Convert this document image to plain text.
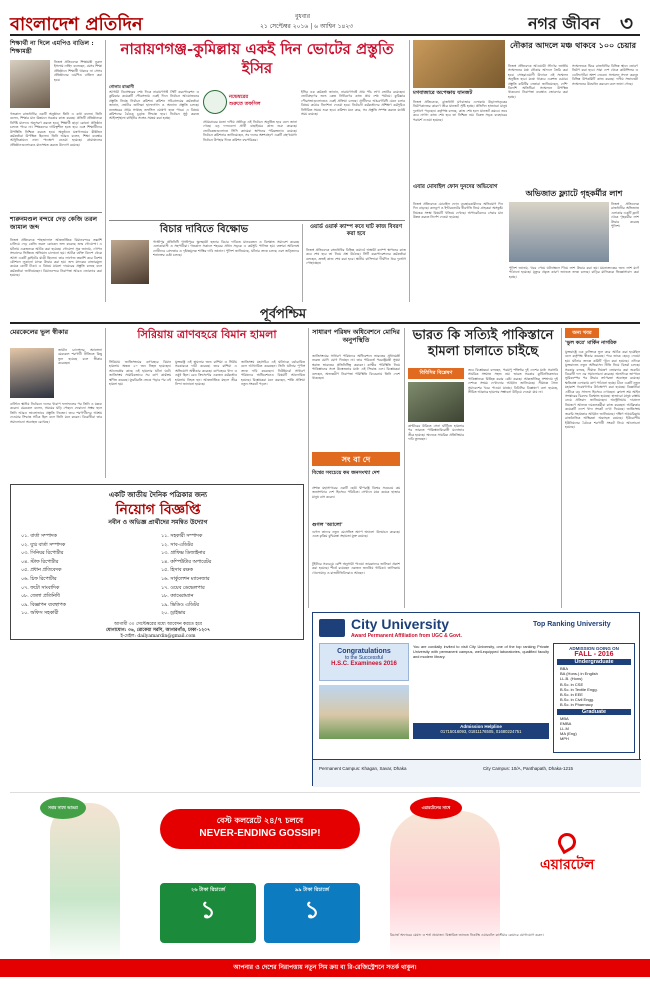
বাংলাদেশ প্রতিদিন	বুধবার
২১ সেপ্টেম্বর ২০১৬ | ৬ আশ্বিন ১৪২৩	নগর জীবন ৩
শিক্ষার্থী না দিলে এমপিও বাতিল : শিক্ষামন্ত্রী
নিজস্ব প্রতিবেদক শিক্ষামন্ত্রী নুরুল ইসলাম নাহিদ বলেছেন, যেসব শিক্ষা প্রতিষ্ঠানে শিক্ষার্থী থাকবে না সেসব প্রতিষ্ঠানের এমপিও বাতিল করা হবে।
গতকাল রাজধানীর একটি অনুষ্ঠানে তিনি এ কথা বলেন। তিনি বলেন, শিক্ষার মান উন্নয়নে সরকার কাজ করছে। প্রতিটি প্রতিষ্ঠানকে নির্দিষ্ট মানদণ্ড অনুসরণ করতে হবে। শিক্ষার্থী ছাড়া কোনো প্রতিষ্ঠান চলতে পারে না। শিক্ষকদের দায়িত্বশীল হতে হবে এবং শিক্ষার্থীদের উপস্থিতি নিশ্চিত করতে হবে। অনুষ্ঠানে মন্ত্রণালয়ের ঊর্ধ্বতন কর্মকর্তারা উপস্থিত ছিলেন। তিনি আরও বলেন, শিক্ষা ব্যবস্থার আধুনিকায়নে নানা পদক্ষেপ নেওয়া হয়েছে। গ্রামাঞ্চলের প্রতিষ্ঠানগুলোকেও মানসম্মত করতে উদ্যোগ রয়েছে।
শারুনমণ্ডল বন্দরে দেড় কেজি তরল জামাল জব্দ
নিজস্ব প্রতিবেদক শাহজালাল আন্তর্জাতিক বিমানবন্দরে তল্লাশি চালিয়ে দেড় কেজি তরল কোকেন জব্দ করেছে শুল্ক গোয়েন্দা। এ ঘটনায় একজনকে আটক করা হয়েছে। গোয়েন্দা সূত্র জানায়, গোপন সংবাদের ভিত্তিতে অভিযান চালানো হয়। আটক ব্যক্তি বিদেশ থেকে আসা একটি ফ্লাইটের যাত্রী ছিলেন। তার লাগেজ তল্লাশি করে বিশেষ কৌশলে লুকানো মাদক উদ্ধার করা হয়। জব্দ মাদকের বাজারমূল্য কয়েক কোটি টাকা। এ বিষয়ে মামলা দায়েরের প্রস্তুতি চলছে বলে কর্মকর্তারা জানিয়েছেন। বিমানবন্দরে নিরাপত্তা আরও জোরদার করা হয়েছে।
নারায়ণগঞ্জ-কুমিল্লায় একই দিন ভোটের প্রস্তুতি ইসির
গোলাম রাব্বানী
আগামী ডিসেম্বরের শেষ দিকে নারায়ণগঞ্জ সিটি করপোরেশন ও কুমিল্লার কয়েকটি পৌরসভায় একই দিনে নির্বাচন আয়োজনের প্রস্তুতি নিচ্ছে নির্বাচন কমিশন। কমিশন সচিবালয়ের কর্মকর্তারা জানান, ভোটার তালিকা হালনাগাদ ও অন্যান্য প্রস্তুতি চলছে। নভেম্বরের প্রথম সপ্তাহে তফসিল ঘোষণা হতে পারে। এ বিষয়ে কমিশনের বৈঠকে চূড়ান্ত সিদ্ধান্ত হবে। নির্বাচন সুষ্ঠু করতে আইনশৃঙ্খলা বাহিনীর সঙ্গেও সমন্বয় করা হচ্ছে।
নভেম্বরের শুরুতে তফসিল
প্রথমবারের মতো দলীয় প্রতীকে এই নির্বাচন অনুষ্ঠিত হবে বলে জানা গেছে। বড় দলগুলো প্রার্থী বাছাইয়ের কাজ শুরু করেছে। ভোটকেন্দ্রগুলোতে সিসি ক্যামেরা স্থাপনের পরিকল্পনাও রয়েছে। নির্বাচন কমিশনার জানিয়েছেন, সব দলের অংশগ্রহণে একটি গ্রহণযোগ্য নির্বাচন উপহার দিতে কমিশন বদ্ধপরিকর।
ইসির এক কর্মকর্তা জানান, নারায়ণগঞ্জে প্রায় পাঁচ লাখ ভোটার রয়েছেন। ভোটগ্রহণের জন্য কেন্দ্র নির্ধারণের কাজ প্রায় শেষ পর্যায়ে। কুমিল্লার পৌরসভাগুলোতেও একই প্রক্রিয়া চলছে। প্রার্থীদের আচরণবিধি মেনে চলার বিষয়ে কঠোর নির্দেশনা দেওয়া হবে। নির্বাচনী কর্মকর্তাদের প্রশিক্ষণ কর্মসূচিও নির্ধারিত সময়ে শুরু হবে। কমিশন মনে করে, সব প্রস্তুতি সম্পন্ন করতে যথেষ্ট সময় রয়েছে।
বিচার দাবিতে বিক্ষোভ
গাজীপুর প্রতিনিধি গাজীপুরে স্কুলছাত্রী হত্যার বিচার দাবিতে মানববন্ধন ও বিক্ষোভ সমাবেশ করেছে এলাকাবাসী ও সহপাঠীরা। গতকাল সকালে শহরের প্রধান সড়কে এ কর্মসূচি পালিত হয়। বক্তারা অবিলম্বে দোষীদের গ্রেফতার ও দৃষ্টান্তমূলক শাস্তির দাবি জানান। পুলিশ জানিয়েছে, ঘটনার তদন্ত চলছে এবং জড়িতদের শনাক্তের চেষ্টা চলছে।
ওয়ার্ড ওয়ার্ক ক্যাম্প কবে ঘাট কাজ বিবরণ করা হবে
নিজস্ব প্রতিবেদক রাজধানীর বিভিন্ন ওয়ার্ডে অস্থায়ী ক্যাম্প স্থাপনের কাজ কবে শেষ হবে তা নিয়ে প্রশ্ন উঠেছে। সিটি করপোরেশনের কর্মকর্তারা বলছেন, দ্রুতই কাজ শেষ করা হবে। স্থানীয় বাসিন্দারা দীর্ঘদিন ধরে দুর্ভোগ পোহাচ্ছেন।
মগবাজারে অপেক্ষায় যানজট
নিজস্ব প্রতিবেদক, রাজধানী মগবাজার এলাকায় উড়ালসড়কের নির্মাণকাজের কারণে তীব্র যানজট সৃষ্টি হচ্ছে। প্রতিদিন হাজারো মানুষ দুর্ভোগে পড়ছেন। কর্তৃপক্ষ বলছে, কাজ শেষ হলে যানজট কমবে। তবে কবে নাগাদ কাজ শেষ হবে তা নিশ্চিত নয়। বিকল্প সড়ক ব্যবহারের পরামর্শ দেওয়া হয়েছে।
নৌকার আদলে মঞ্চ থাকবে ১০০ চেয়ার
নিজস্ব প্রতিবেদক আওয়ামী লীগের জাতীয় সম্মেলনের মঞ্চ নৌকার আদলে তৈরি করা হবে। সোহরাওয়ার্দী উদ্যানে এই সম্মেলন অনুষ্ঠিত হবে। মঞ্চে থাকবে একশত চেয়ার। প্রস্তুতি কমিটির নেতারা জানিয়েছেন, দেশি-বিদেশি অতিথিরা সম্মেলনে উপস্থিত থাকবেন। নিরাপত্তা ব্যবস্থাও জোরদার করা হচ্ছে।
সম্মেলনকে ঘিরে রাজধানীর বিভিন্ন স্থানে তোরণ নির্মাণ করা হবে। সারা দেশ থেকে কাউন্সিলর ও ডেলিগেটরা অংশ নেবেন। সম্মেলন সফল করতে বিভিন্ন উপকমিটি কাজ করছে। দলীয় সভানেত্রী সম্মেলনের উদ্বোধন করবেন বলে জানা গেছে।
এবার মোবাইল ফোন দুনদের অভিযোগ
নিজস্ব প্রতিবেদক মোবাইল ফোন ব্যবহারকারীদের অভিযোগ দিন দিন বাড়ছে। কলড্রপ ও ইন্টারনেটের ধীরগতি নিয়ে গ্রাহকরা অসন্তুষ্ট। নিয়ন্ত্রক সংস্থা বিষয়টি খতিয়ে দেখছে। অপারেটরদের সেবার মান উন্নত করতে নির্দেশ দেওয়া হয়েছে।
অভিজাত ফ্ল্যাটে গৃহকর্মীর লাশ
নিজস্ব প্রতিবেদক রাজধানীর অভিজাত এলাকার একটি ফ্ল্যাট থেকে গৃহকর্মীর লাশ উদ্ধার করেছে পুলিশ।
পুলিশ জানায়, খবর পেয়ে ঘটনাস্থলে গিয়ে লাশ উদ্ধার করা হয়। ময়নাতদন্তের জন্য লাশ মর্গে পাঠানো হয়েছে। মৃত্যুর প্রকৃত কারণ জানতে তদন্ত চলছে। বাড়ির মালিককে জিজ্ঞাসাবাদ করা হচ্ছে।
পূর্বপশ্চিম
মেরকেলের ভুল স্বীকার
জার্মান চ্যান্সেলর অ্যাঙ্গেলা মেরকেল শরণার্থী নীতিতে কিছু ভুল হয়েছে বলে স্বীকার করেছেন।
বার্লিনে স্থানীয় নির্বাচনে দলের খারাপ ফলাফলের পর তিনি এ মন্তব্য করেন। মেরকেল বলেন, সময়ের ঘড়ি পেছনে ফেরানো সম্ভব হলে তিনি আরও ভালোভাবে প্রস্তুতি নিতেন। তবে শরণার্থীদের আশ্রয় দেওয়ার সিদ্ধান্ত সঠিক ছিল বলে তিনি মনে করেন। বিরোধীরা তার সমালোচনা অব্যাহত রেখেছে।
সিরিয়ায় ত্রাণবহরে বিমান হামলা
সিরিয়ায় জাতিসংঘের ত্রাণবহরে বিমান হামলায় অন্তত ২০ জন নিহত হয়েছেন। আলেপ্পোর কাছে এই হামলার ঘটনা ঘটে। জাতিসংঘ সাময়িকভাবে সব ত্রাণ কার্যক্রম স্থগিত করেছে। যুদ্ধবিরতি ভেঙে পড়ার পর এই হামলা হয়।
যুক্তরাষ্ট্র এই হামলার জন্য রাশিয়া ও সিরীয় সরকারকে দায়ী করেছে। তবে রাশিয়া এ অভিযোগ অস্বীকার করেছে। ত্রাণবহরে খাদ্য ও ওষুধ ছিল। রেড ক্রিসেন্টের একজন কর্মকর্তাও হামলায় নিহত হন। আন্তর্জাতিক মহলে তীব্র নিন্দা জানানো হয়েছে।
জাতিসংঘ মহাসচিব এই ঘটনাকে বর্বরোচিত বলে আখ্যায়িত করেছেন। তিনি ঘটনার পূর্ণাঙ্গ তদন্ত দাবি করেছেন। নিউইয়র্কে সাধারণ পরিষদের অধিবেশনেও বিষয়টি আলোচিত হয়েছে। বিশ্লেষকরা মনে করছেন, শান্তি প্রক্রিয়া নতুন সংকটে পড়ল।
সাধারণ পরিষদ অধিবেশনে মোদির অনুপস্থিতি
জাতিসংঘের সাধারণ পরিষদের অধিবেশনে ভারতের প্রধানমন্ত্রী নরেন্দ্র মোদি যোগ দিচ্ছেন না। তার পরিবর্তে পররাষ্ট্রমন্ত্রী সুষমা স্বরাজ ভারতের প্রতিনিধিত্ব করবেন। কাশ্মীর পরিস্থিতি নিয়ে পাকিস্তানের সঙ্গে উত্তেজনার মধ্যে এই সিদ্ধান্ত এল। বিশ্লেষকরা বলছেন, অভ্যন্তরীণ নিরাপত্তা পরিস্থিতি বিবেচনায় তিনি দেশে থাকছেন।
সং বা দে
বিশ্বের সবচেয়ে কম জনসংখ্যা দেশ
প্রশান্ত মহাসাগরের একটি ছোট্ট দ্বীপরাষ্ট্র বিশ্বের সবচেয়ে কম জনসংখ্যার দেশ হিসেবে পরিচিত। সেখানে মাত্র কয়েক হাজার মানুষ বাস করেন।
গুগল 'অ্যালো'
গুগল তাদের নতুন মেসেজিং অ্যাপ অ্যালো উন্মোচন করেছে। এতে কৃত্রিম বুদ্ধিমত্তা সহায়তা যুক্ত রয়েছে।
টুইটারে সবচেয়ে বেশি অনুসারী পাওয়া তারকাদের তালিকা প্রকাশ করা হয়েছে। শীর্ষে রয়েছেন একজন জনপ্রিয় গায়িকা। তালিকায় খেলোয়াড় ও রাজনীতিবিদরাও আছেন।
ভারত কি সত্যিই পাকিস্তানে হামলা চালাতে চাইছে
বিবিসির বিশ্লেষণ
কাশ্মীরের উরিতে সেনা ঘাঁটিতে হামলার পর ভারতে পাকিস্তানবিরোধী মনোভাব তীব্র হয়েছে। অনেকে সামরিক প্রতিক্রিয়ার দাবি তুলছেন।
তবে বিশ্লেষকরা বলছেন, পরমাণু শক্তিধর দুই দেশের মধ্যে সরাসরি সামরিক সংঘাত সহজ নয়। ভারত সরকার কূটনৈতিকভাবে পাকিস্তানকে বিচ্ছিন্ন করার চেষ্টা করছে। আন্তর্জাতিক সম্প্রদায় দুই দেশকে সংযম দেখানোর আহ্বান জানিয়েছে। সীমান্তে সৈন্য সমাবেশের খবর পাওয়া যাচ্ছে। বিবিসির বিশ্লেষণে বলা হয়েছে, সীমিত আকারে হামলার সম্ভাবনা উড়িয়ে দেওয়া যায় না।
অন্য খবর
'ভুল করে' মার্কিন নাগরিক
যুক্তরাষ্ট্রে এক ব্যক্তিকে ভুল করে আটক করা হয়েছিল বলে কর্তৃপক্ষ স্বীকার করেছে। পরে তাকে ছেড়ে দেওয়া হয়। ঘটনার তদন্তে কমিটি গঠন করা হয়েছে। এদিকে যুক্তরাজ্যে নতুন অভিবাসন নীতি নিয়ে বিতর্ক চলছে। সরকার বলছে, সীমান্ত নিয়ন্ত্রণ জোরদার করা জরুরি। বিরোধী দল এর সমালোচনা করেছে। অন্যদিকে জাপানে ভূমিকম্পের পর উদ্ধার তৎপরতা অব্যাহত রয়েছে। ক্ষতিগ্রস্ত এলাকায় ত্রাণ পাঠানো হচ্ছে। চীনে একটি নতুন মহাকাশ গবেষণাগার উৎক্ষেপণ করা হয়েছে। বিজ্ঞানীরা এটিকে বড় সাফল্য হিসেবে দেখছেন। ফ্রান্সে শ্রম আইন সংস্কারের বিরুদ্ধে বিক্ষোভ হয়েছে। হাজারো মানুষ রাস্তায় নেমে প্রতিবাদ জানিয়েছেন। অস্ট্রেলিয়ায় দাবানল নিয়ন্ত্রণে আনতে দমকলকর্মীরা কাজ করছেন। আফ্রিকার কয়েকটি দেশে খাদ্য সংকট দেখা দিয়েছে। জাতিসংঘ জরুরি সহায়তার আহ্বান জানিয়েছে। দক্ষিণ আমেরিকায় রাজনৈতিক অস্থিরতা অব্যাহত রয়েছে। ইউরোপীয় ইউনিয়নের বৈঠকে শরণার্থী সংকট নিয়ে আলোচনা হয়েছে।
একটি জাতীয় দৈনিক পত্রিকার জন্য
নিয়োগ বিজ্ঞপ্তি
নবীন ও অভিজ্ঞ প্রার্থীদের সমন্বিত উদ্যোগ
০১. বার্তা সম্পাদক
০২. যুগ্ম বার্তা সম্পাদক
০৩. সিনিয়র রিপোর্টার
০৪. স্টাফ রিপোর্টার
০৫. প্রধান প্রতিবেদক
০৬. চিফ রিপোর্টার
০৭. ফটো সাংবাদিক
০৮. জেলা প্রতিনিধি
০৯. বিজ্ঞাপন ব্যবস্থাপক
১০. অফিস সহকারী
১১. সহকারী সম্পাদক
১২. সাব-এডিটর
১৩. গ্রাফিক্স ডিজাইনার
১৪. কম্পিউটার অপারেটর
১৫. হিসাব রক্ষক
১৬. সার্কুলেশন ম্যানেজার
১৭. ওয়েব ডেভেলপার
১৮. ক্যামেরাম্যান
১৯. ভিডিও এডিটর
২০. ড্রাইভার
আগামী ৩০ সেপ্টেম্বরের মধ্যে আবেদন করতে হবে
যোগাযোগ: ৩৬, রোকেয়া সরণি, আগারগাঁও, ঢাকা-১২০৭
ই-মেইল: dailyamardin@gmail.com
City University
Award Permanent Affiliation from UGC & Govt.
Top Ranking University
Congratulations
to the Successful
H.S.C. Examinees 2016
You are cordially invited to visit City University, one of the top ranking Private University with permanent campus, well-equipped laboratories, qualified faculty and modern library.
Admission Helpline
01715016093, 01811176505, 01680224751
ADMISSION GOING ON
FALL - 2016
Undergraduate
BBA
BA (Hons.) in English
LL.B. (Hons)
B.Sc. in CSE
B.Sc. in Textile Engg.
B.Sc. in EEE
B.Sc. in Civil Engg.
B.Sc. in Pharmacy
Graduate
MBA
EMBA
LL.M
MA (Eng)
MPH
Permanent Campus: Khagan, Savar, Dhaka	City Campus: 10/A, Panthapath, Dhaka-1215
সবার সাথে আড্ডা
বেস্ট কলরেটে ২৪/৭ চলবে
NEVER-ENDING GOSSIP!
২৬ টাকা রিচার্জে
১
৯৯ টাকা রিচার্জে
১
এয়ারটেলের সাথে
এয়ারটেল
রিচার্জ অফারের মেয়াদ ও শর্ত প্রযোজ্য। বিস্তারিত জানতে নিকটস্থ এয়ারটেল কাস্টমার কেয়ারে যোগাযোগ করুন।
আপনার ও দেশের নিরাপত্তায় নতুন সিম ক্রয় বা রি-রেজিস্ট্রেশনে সতর্ক থাকুন।
